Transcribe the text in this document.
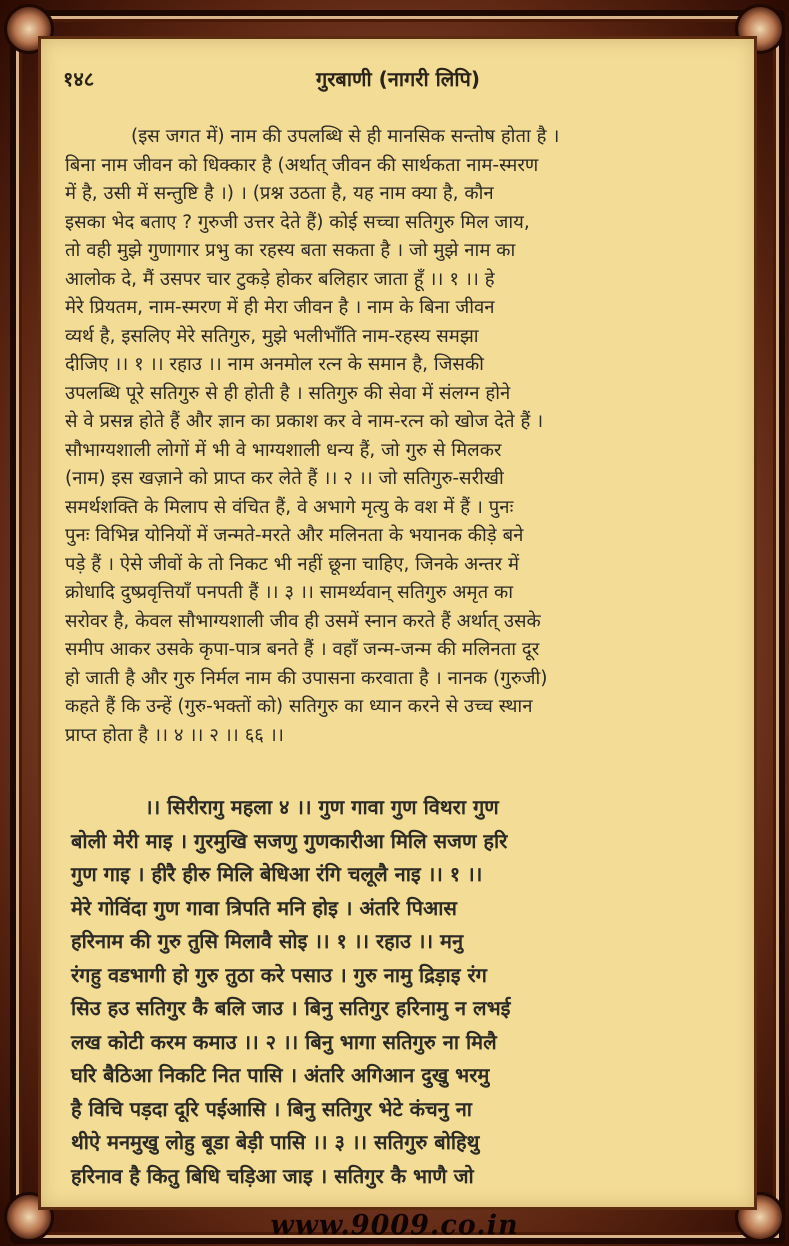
१४८	गुरबाणी (नागरी लिपि)
(इस जगत में) नाम की उपलब्धि से ही मानसिक सन्तोष होता है ।
बिना नाम जीवन को धिक्कार है (अर्थात् जीवन की सार्थकता नाम-स्मरण
में है, उसी में सन्तुष्टि है ।) । (प्रश्न उठता है, यह नाम क्या है, कौन
इसका भेद बताए ? गुरुजी उत्तर देते हैं) कोई सच्चा सतिगुरु मिल जाय,
तो वही मुझे गुणागार प्रभु का रहस्य बता सकता है । जो मुझे नाम का
आलोक दे, मैं उसपर चार टुकड़े होकर बलिहार जाता हूँ ।। १ ।। हे
मेरे प्रियतम, नाम-स्मरण में ही मेरा जीवन है । नाम के बिना जीवन
व्यर्थ है, इसलिए मेरे सतिगुरु, मुझे भलीभाँति नाम-रहस्य समझा
दीजिए ।। १ ।। रहाउ ।। नाम अनमोल रत्न के समान है, जिसकी
उपलब्धि पूरे सतिगुरु से ही होती है । सतिगुरु की सेवा में संलग्न होने
से वे प्रसन्न होते हैं और ज्ञान का प्रकाश कर वे नाम-रत्न को खोज देते हैं ।
सौभाग्यशाली लोगों में भी वे भाग्यशाली धन्य हैं, जो गुरु से मिलकर
(नाम) इस खज़ाने को प्राप्त कर लेते हैं ।। २ ।। जो सतिगुरु-सरीखी
समर्थशक्ति के मिलाप से वंचित हैं, वे अभागे मृत्यु के वश में हैं । पुनः
पुनः विभिन्न योनियों में जन्मते-मरते और मलिनता के भयानक कीड़े बने
पड़े हैं । ऐसे जीवों के तो निकट भी नहीं छूना चाहिए, जिनके अन्तर में
क्रोधादि दुष्प्रवृत्तियाँ पनपती हैं ।। ३ ।। सामर्थ्यवान् सतिगुरु अमृत का
सरोवर है, केवल सौभाग्यशाली जीव ही उसमें स्नान करते हैं अर्थात् उसके
समीप आकर उसके कृपा-पात्र बनते हैं । वहाँ जन्म-जन्म की मलिनता दूर
हो जाती है और गुरु निर्मल नाम की उपासना करवाता है । नानक (गुरुजी)
कहते हैं कि उन्हें (गुरु-भक्तों को) सतिगुरु का ध्यान करने से उच्च स्थान
प्राप्त होता है ।। ४ ।। २ ।। ६६ ।।
।। सिरीरागु महला ४ ।। गुण गावा गुण विथरा गुण
बोली मेरी माइ । गुरमुखि सजणु गुणकारीआ मिलि सजण हरि
गुण गाइ । हीरै हीरु मिलि बेधिआ रंगि चलूलै नाइ ।। १ ।।
मेरे गोविंदा गुण गावा त्रिपति मनि होइ । अंतरि पिआस
हरिनाम की गुरु तुसि मिलावै सोइ ।। १ ।। रहाउ ।। मनु
रंगहु वडभागी हो गुरु तुठा करे पसाउ । गुरु नामु द्रिड़ाइ रंग
सिउ हउ सतिगुर कै बलि जाउ । बिनु सतिगुर हरिनामु न लभई
लख कोटी करम कमाउ ।। २ ।। बिनु भागा सतिगुरु ना मिलै
घरि बैठिआ निकटि नित पासि । अंतरि अगिआन दुखु भरमु
है विचि पड़दा दूरि पईआसि । बिनु सतिगुर भेटे कंचनु ना
थीऐ मनमुखु लोहु बूडा बेड़ी पासि ।। ३ ।। सतिगुरु बोहिथु
हरिनाव है कितु बिधि चड़िआ जाइ । सतिगुर कै भाणै जो
www.9009.co.in
